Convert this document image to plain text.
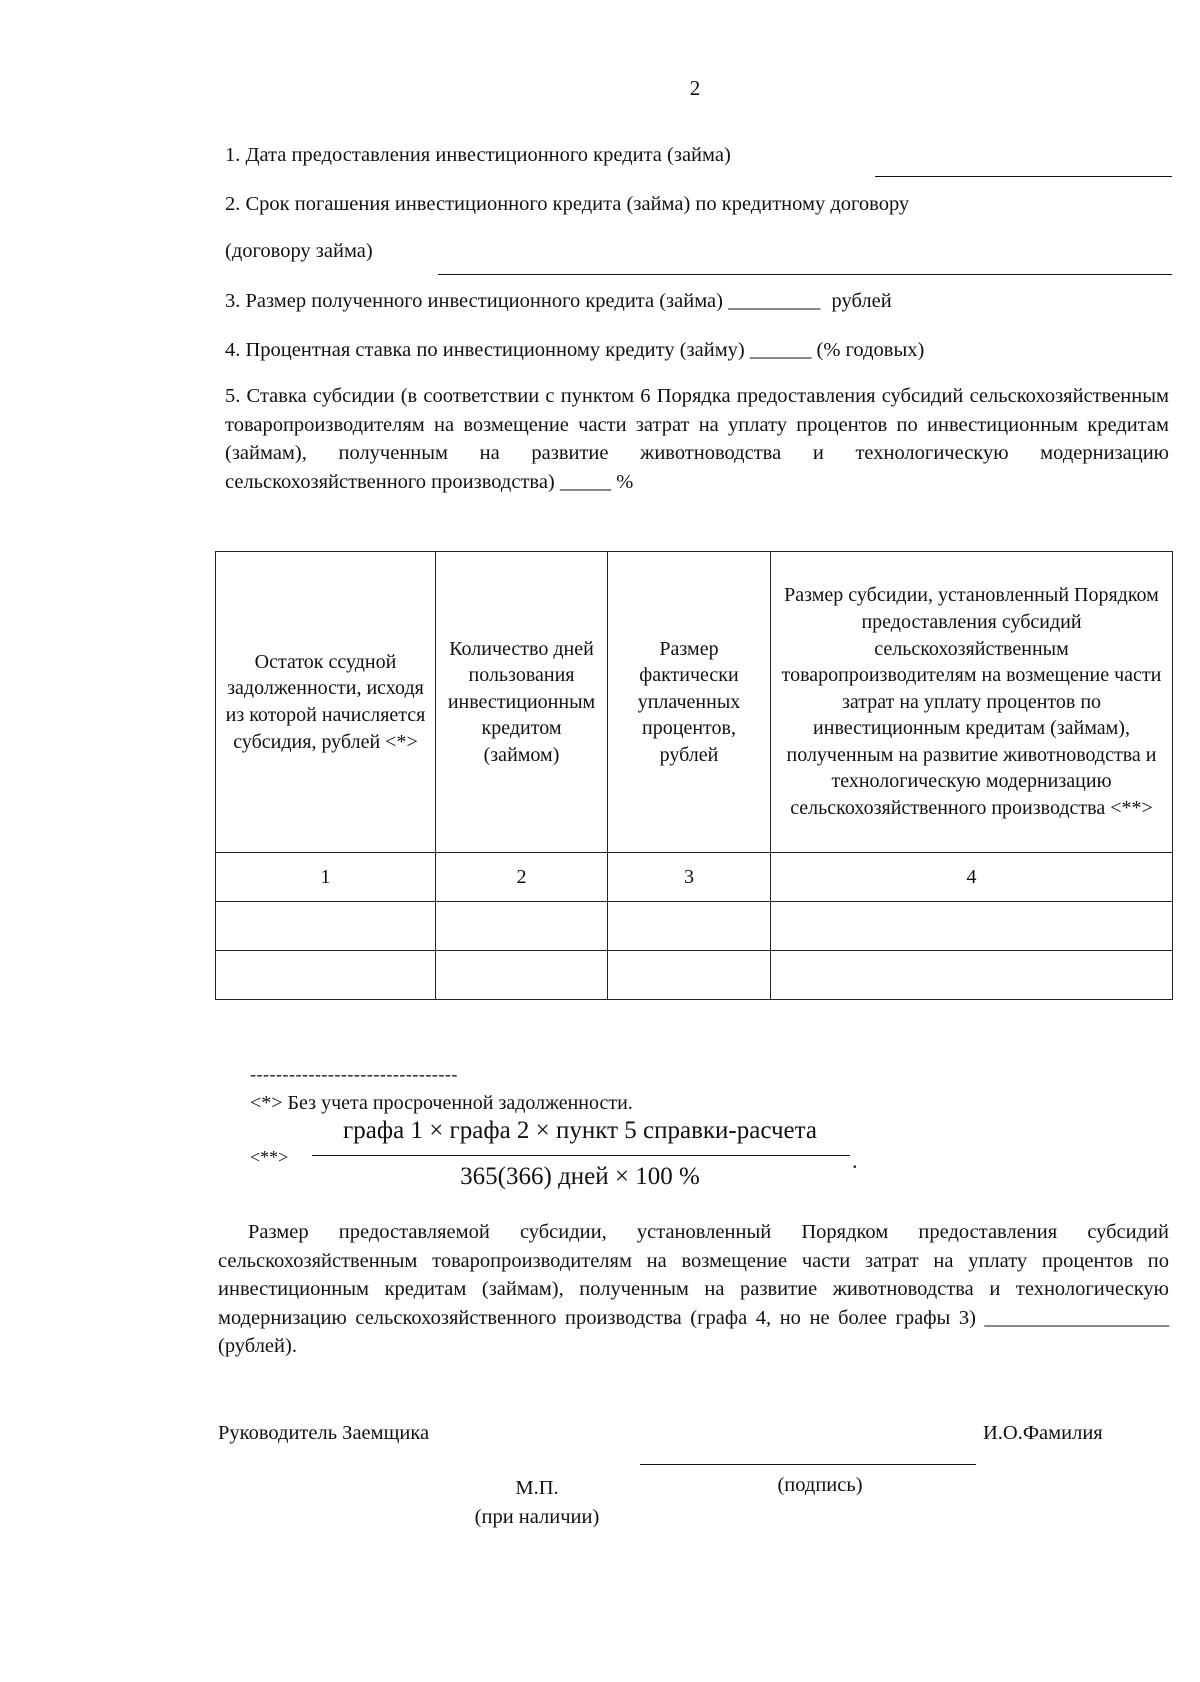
2
1. Дата предоставления инвестиционного кредита (займа)
2. Срок погашения инвестиционного кредита (займа) по кредитному договору
(договору займа)
3. Размер полученного инвестиционного кредита (займа) _________ рублей
4. Процентная ставка по инвестиционному кредиту (займу) ______ (% годовых)
5. Ставка субсидии (в соответствии с пунктом 6 Порядка предоставления субсидий сельскохозяйственным товаропроизводителям на возмещение части затрат на уплату процентов по инвестиционным кредитам (займам), полученным на развитие животноводства и технологическую модернизацию сельскохозяйственного производства) _____ %
Остаток ссудной задолженности, исходя из которой начисляется субсидия, рублей <*>	Количество дней пользования инвестиционным кредитом (займом)	Размер фактически уплаченных процентов, рублей	Размер субсидии, установленный Порядком предоставления субсидий сельскохозяйственным товаропроизводителям на возмещение части затрат на уплату процентов по инвестиционным кредитам (займам), полученным на развитие животноводства и технологическую модернизацию сельскохозяйственного производства <**>
1	2	3	4

--------------------------------
<*> Без учета просроченной задолженности.
<**>
графа 1 × графа 2 × пункт 5 справки-расчета
365(366) дней × 100 %
.
Размер предоставляемой субсидии, установленный Порядком предоставления субсидий сельскохозяйственным товаропроизводителям на возмещение части затрат на уплату процентов по инвестиционным кредитам (займам), полученным на развитие животноводства и технологическую модернизацию сельскохозяйственного производства (графа 4, но не более графы 3) __________________ (рублей).
Руководитель Заемщика	И.О.Фамилия
М.П.
(при наличии)
(подпись)
